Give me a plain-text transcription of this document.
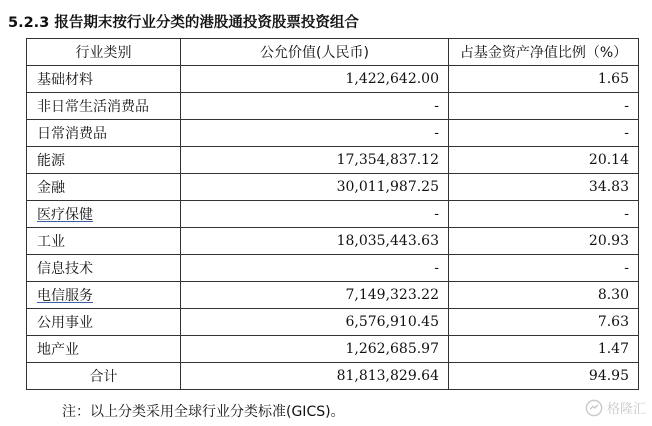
5.2.3 报告期末按行业分类的港股通投资股票投资组合
行业类别	公允价值(人民币)	占基金资产净值比例（%）
基础材料	1,422,642.00	1.65
非日常生活消费品	-	-
日常消费品	-	-
能源	17,354,837.12	20.14
金融	30,011,987.25	34.83
医疗保健	-	-
工业	18,035,443.63	20.93
信息技术	-	-
电信服务	7,149,323.22	8.30
公用事业	6,576,910.45	7.63
地产业	1,262,685.97	1.47
合计	81,813,829.64	94.95
注：以上分类采用全球行业分类标准(GICS)。	格隆汇
